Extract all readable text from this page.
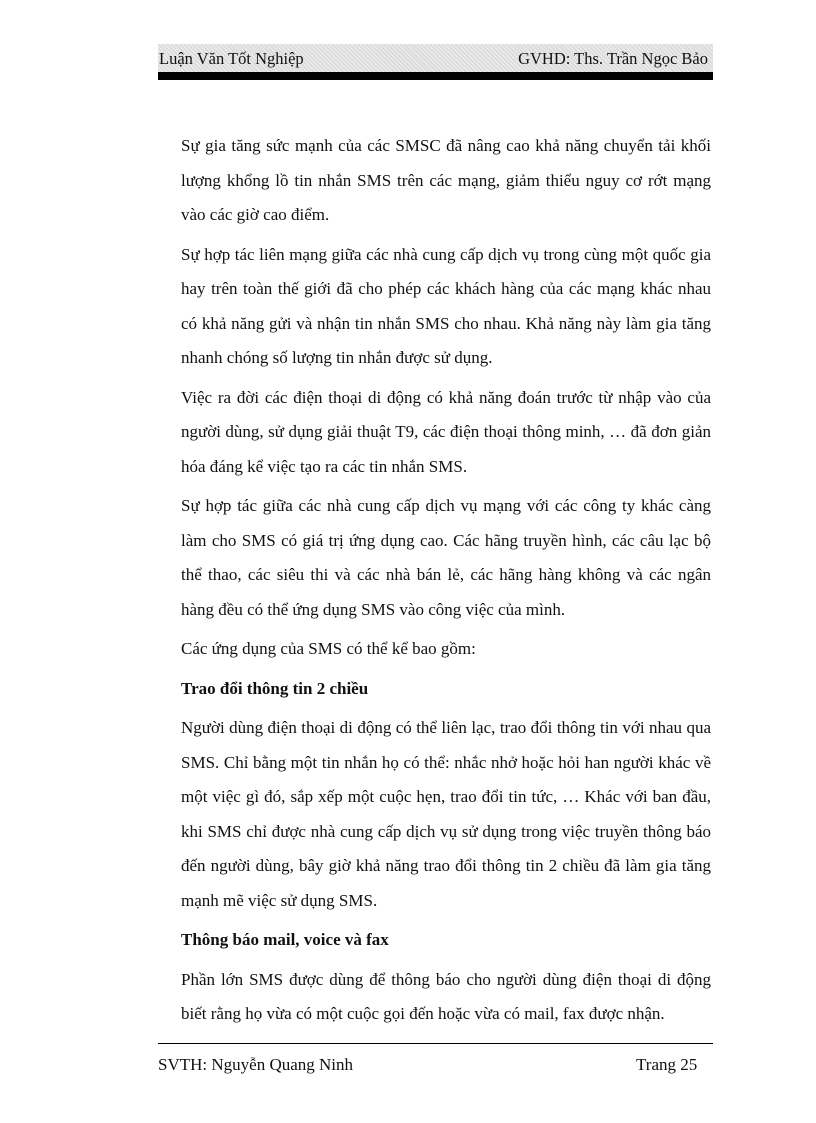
Luận Văn Tốt Nghiệp	GVHD: Ths. Trần Ngọc Bảo

Sự gia tăng sức mạnh của các SMSC đã nâng cao khả năng chuyển tải khối lượng khổng lồ tin nhắn SMS trên các mạng, giảm thiểu nguy cơ rớt mạng vào các giờ cao điểm.

Sự hợp tác liên mạng giữa các nhà cung cấp dịch vụ trong cùng một quốc gia hay trên toàn thế giới đã cho phép các khách hàng của các mạng khác nhau có khả năng gửi và nhận tin nhắn SMS cho nhau. Khả năng này làm gia tăng nhanh chóng số lượng tin nhắn được sử dụng.

Việc ra đời các điện thoại di động có khả năng đoán trước từ nhập vào của người dùng, sử dụng giải thuật T9, các điện thoại thông minh, … đã đơn giản hóa đáng kể việc tạo ra các tin nhắn SMS.

Sự hợp tác giữa các nhà cung cấp dịch vụ mạng với các công ty khác càng làm cho SMS có giá trị ứng dụng cao. Các hãng truyền hình, các câu lạc bộ thể thao, các siêu thi và các nhà bán lẻ, các hãng hàng không và các ngân hàng đều có thể ứng dụng SMS vào công việc của mình.

Các ứng dụng của SMS có thể kể bao gồm:

Trao đổi thông tin 2 chiều

Người dùng điện thoại di động có thể liên lạc, trao đổi thông tin với nhau qua SMS. Chỉ bằng một tin nhắn họ có thể: nhắc nhở hoặc hỏi han người khác về một việc gì đó, sắp xếp một cuộc hẹn, trao đổi tin tức, … Khác với ban đầu, khi SMS chỉ được nhà cung cấp dịch vụ sử dụng trong việc truyền thông báo đến người dùng, bây giờ khả năng trao đổi thông tin 2 chiều đã làm gia tăng mạnh mẽ việc sử dụng SMS.

Thông báo mail, voice và fax

Phần lớn SMS được dùng để thông báo cho người dùng điện thoại di động biết rằng họ vừa có một cuộc gọi đến hoặc vừa có mail, fax được nhận.

SVTH: Nguyễn Quang Ninh	Trang 25
